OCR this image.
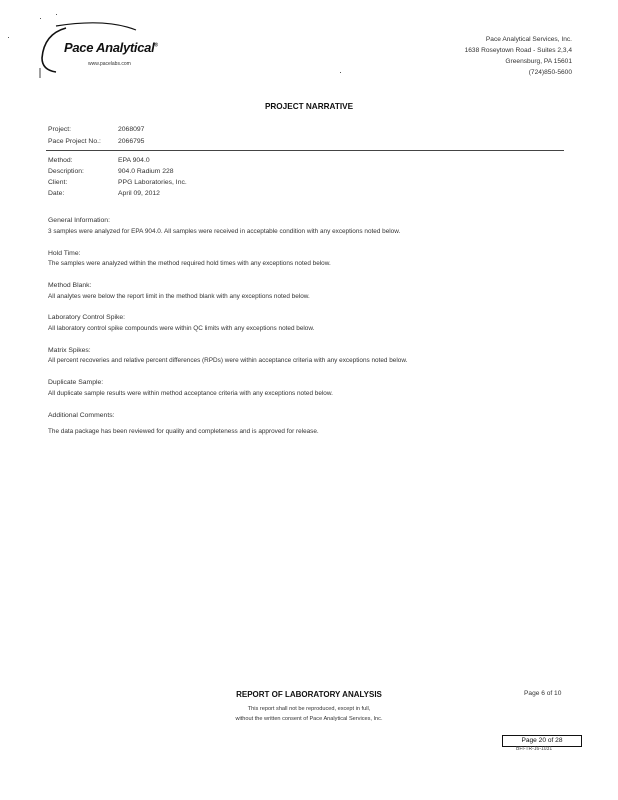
Pace Analytical®
www.pacelabs.com
Pace Analytical Services, Inc.
1638 Roseytown Road - Suites 2,3,4
Greensburg, PA 15601
(724)850-5600
PROJECT NARRATIVE
Project:	2068097
Pace Project No.:	2066795
Method:	EPA 904.0
Description:	904.0 Radium 228
Client:	PPG Laboratories, Inc.
Date:	April 09, 2012
General Information:
3 samples were analyzed for EPA 904.0. All samples were received in acceptable condition with any exceptions noted below.
Hold Time:
The samples were analyzed within the method required hold times with any exceptions noted below.
Method Blank:
All analytes were below the report limit in the method blank with any exceptions noted below.
Laboratory Control Spike:
All laboratory control spike compounds were within QC limits with any exceptions noted below.
Matrix Spikes:
All percent recoveries and relative percent differences (RPDs) were within acceptance criteria with any exceptions noted below.
Duplicate Sample:
All duplicate sample results were within method acceptance criteria with any exceptions noted below.
Additional Comments:
The data package has been reviewed for quality and completeness and is approved for release.
REPORT OF LABORATORY ANALYSIS	Page 6 of 10
This report shall not be reproduced, except in full,
without the written consent of Pace Analytical Services, Inc.
Page 20 of 28
BFI-TR-16-1031
